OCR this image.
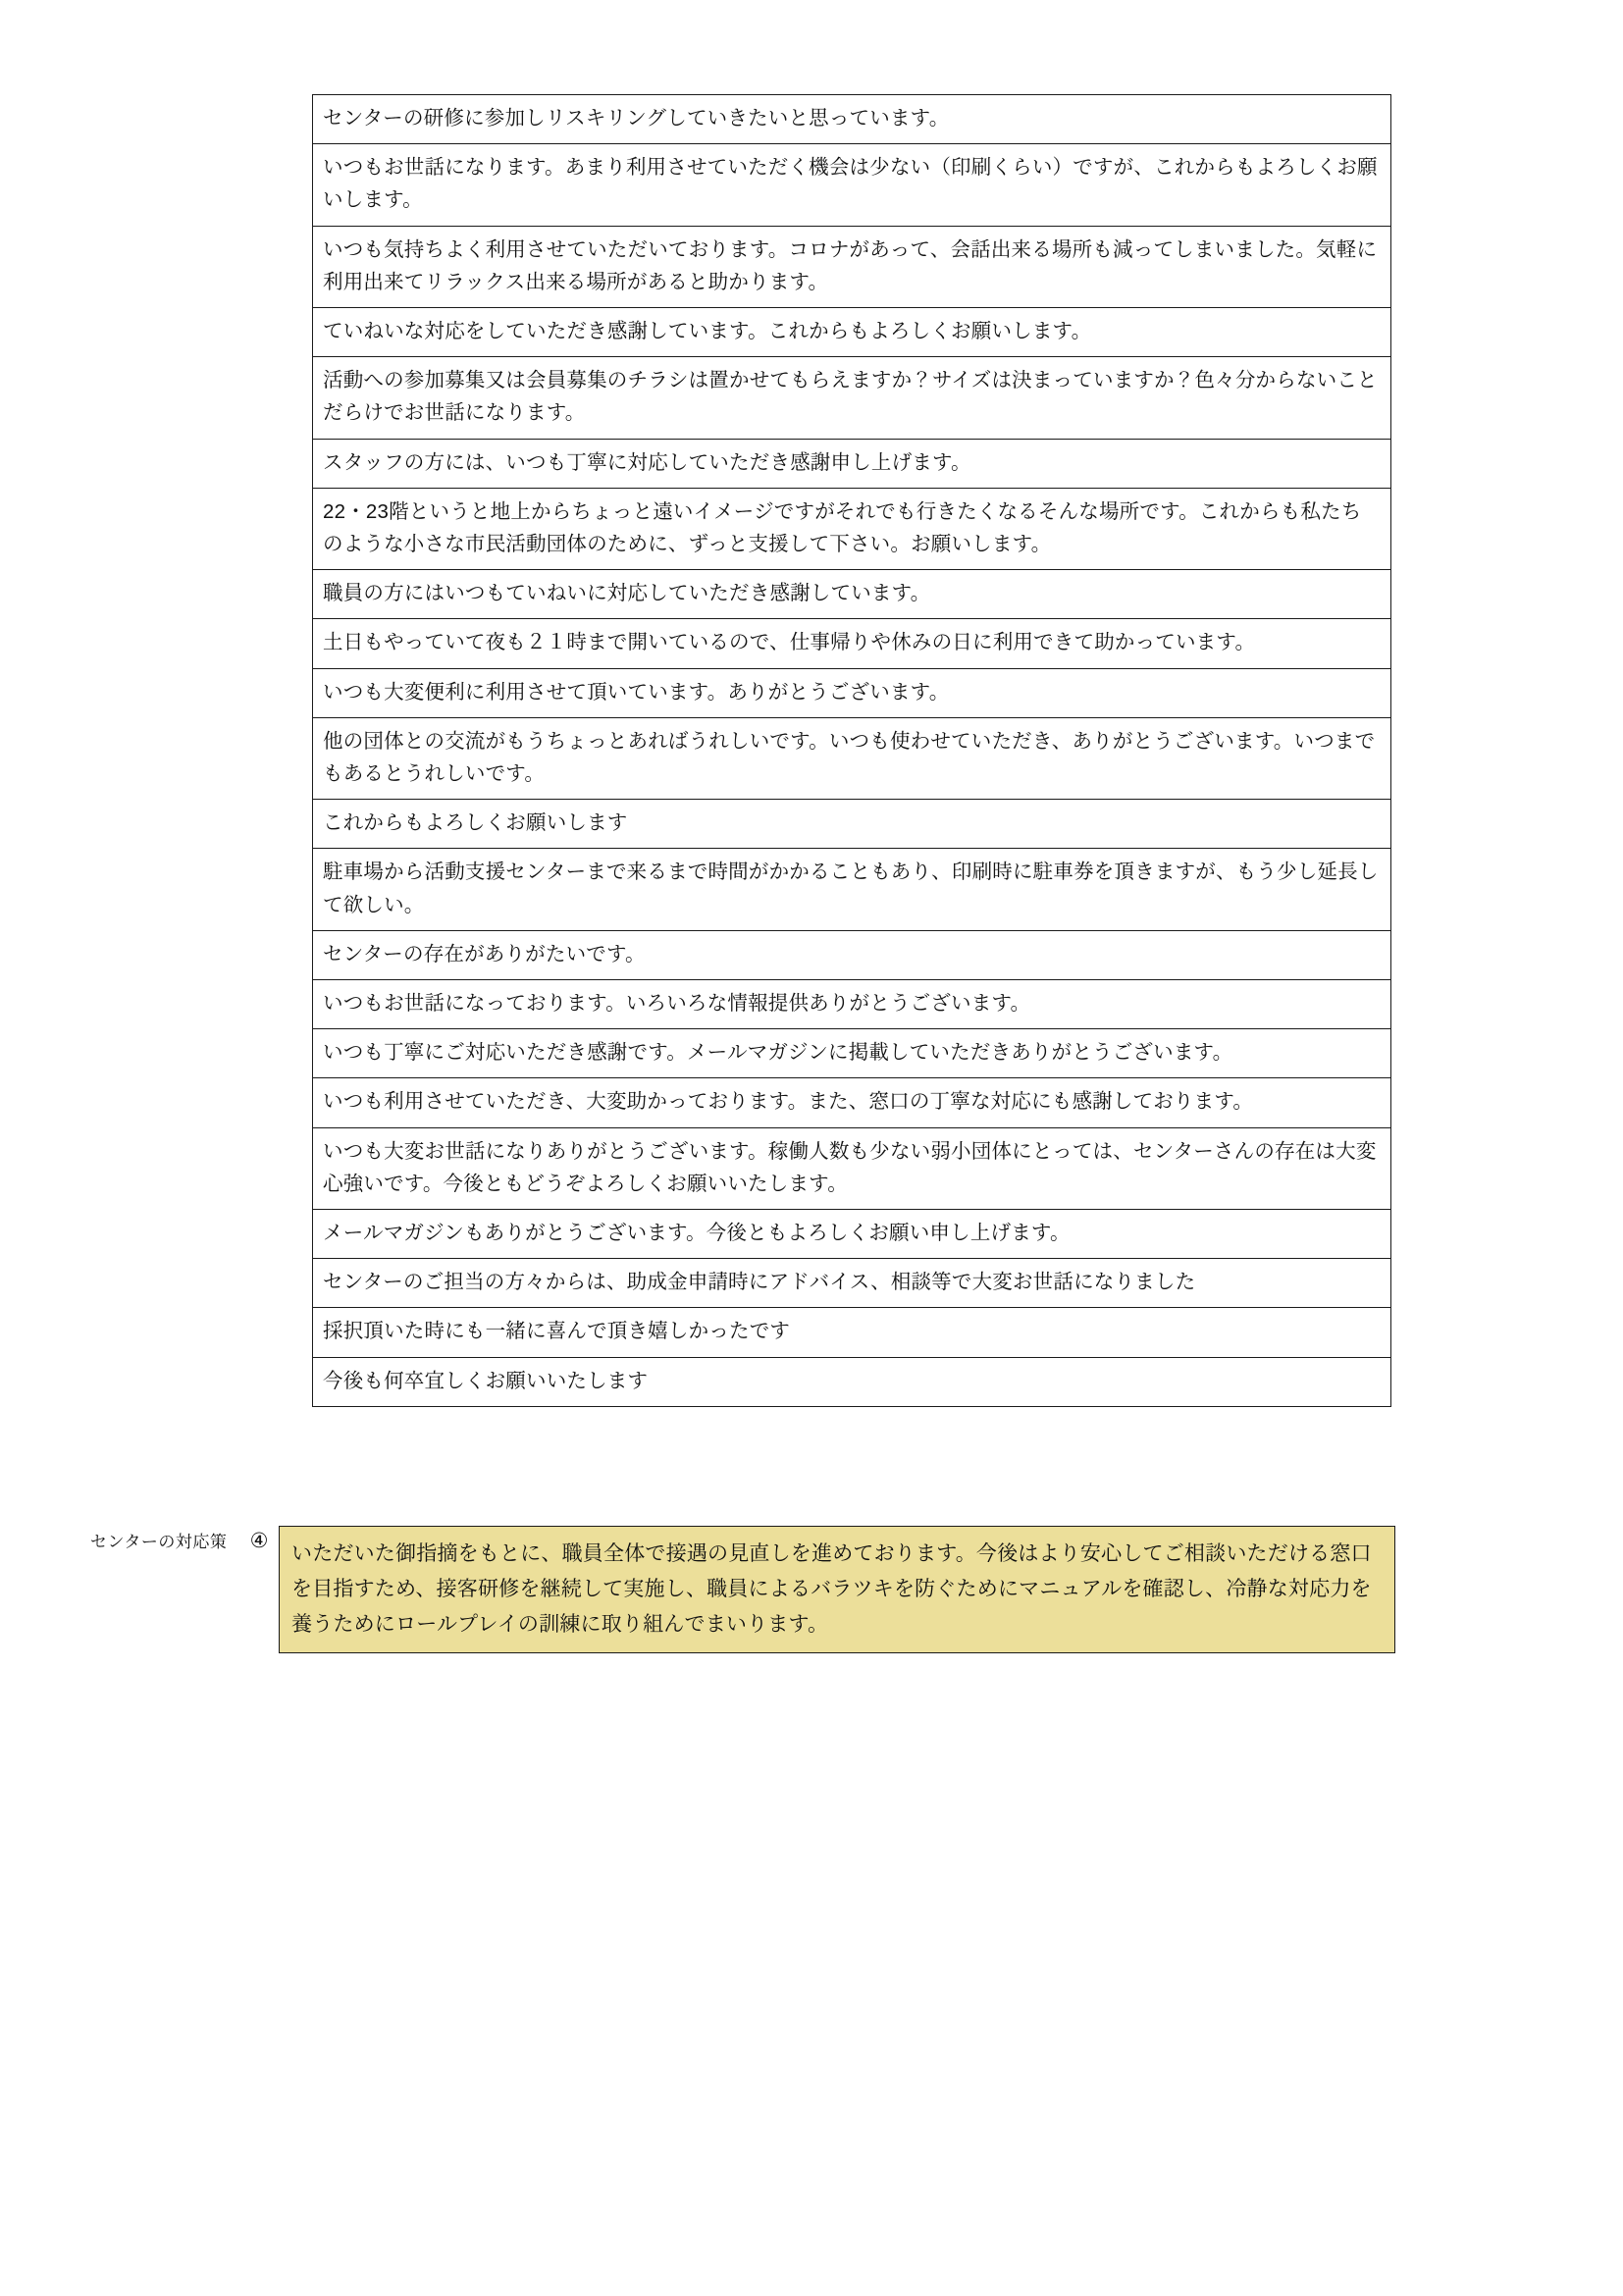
センターの研修に参加しリスキリングしていきたいと思っています。

いつもお世話になります。あまり利用させていただく機会は少ない（印刷くらい）ですが、これからもよろしくお願いします。

いつも気持ちよく利用させていただいております。コロナがあって、会話出来る場所も減ってしまいました。気軽に利用出来てリラックス出来る場所があると助かります。

ていねいな対応をしていただき感謝しています。これからもよろしくお願いします。

活動への参加募集又は会員募集のチラシは置かせてもらえますか？サイズは決まっていますか？色々分からないことだらけでお世話になります。

スタッフの方には、いつも丁寧に対応していただき感謝申し上げます。

22・23階というと地上からちょっと遠いイメージですがそれでも行きたくなるそんな場所です。これからも私たちのような小さな市民活動団体のために、ずっと支援して下さい。お願いします。

職員の方にはいつもていねいに対応していただき感謝しています。

土日もやっていて夜も２１時まで開いているので、仕事帰りや休みの日に利用できて助かっています。

いつも大変便利に利用させて頂いています。ありがとうございます。

他の団体との交流がもうちょっとあればうれしいです。いつも使わせていただき、ありがとうございます。いつまでもあるとうれしいです。

これからもよろしくお願いします

駐車場から活動支援センターまで来るまで時間がかかることもあり、印刷時に駐車券を頂きますが、もう少し延長して欲しい。

センターの存在がありがたいです。

いつもお世話になっております。いろいろな情報提供ありがとうございます。

いつも丁寧にご対応いただき感謝です。メールマガジンに掲載していただきありがとうございます。

いつも利用させていただき、大変助かっております。また、窓口の丁寧な対応にも感謝しております。

いつも大変お世話になりありがとうございます。稼働人数も少ない弱小団体にとっては、センターさんの存在は大変心強いです。今後ともどうぞよろしくお願いいたします。

メールマガジンもありがとうございます。今後ともよろしくお願い申し上げます。

センターのご担当の方々からは、助成金申請時にアドバイス、相談等で大変お世話になりました

採択頂いた時にも一緒に喜んで頂き嬉しかったです

今後も何卒宜しくお願いいたします

センターの対応策	④

いただいた御指摘をもとに、職員全体で接遇の見直しを進めております。今後はより安心してご相談いただける窓口を目指すため、接客研修を継続して実施し、職員によるバラツキを防ぐためにマニュアルを確認し、冷静な対応力を養うためにロールプレイの訓練に取り組んでまいります。
